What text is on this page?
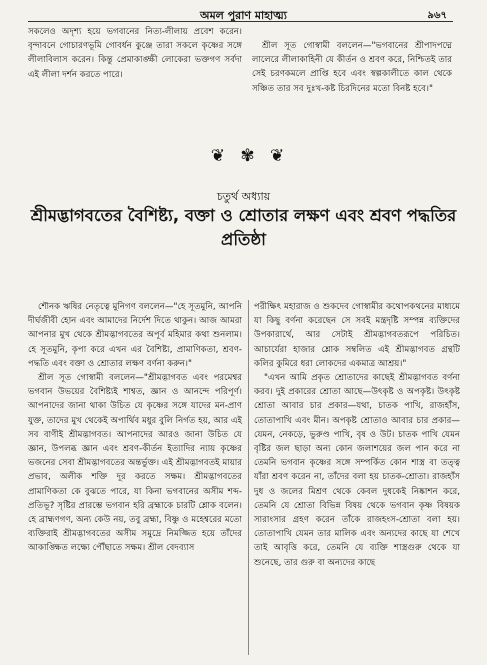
অমল পুরাণ মাহাত্ম্য	৯৬৭

সকলেও অদৃশ্য হয়ে ভগবানের নিত্য-লীলায় প্রবেশ করেন। বৃন্দাবনে গোচারণভূমি গোবর্ধন কুঞ্জে তারা সকলে কৃষ্ণের সঙ্গে লীলাবিলাস করেন। কিন্তু প্রেমাকাঙ্ক্ষী লোকেরা ভক্তগণ সর্বদা এই লীলা দর্শন করতে পারে।

শ্রীল সূত গোস্বামী বললেন—"ভগবানের শ্রীপাদপদ্মে লালেরে লীলাকাহিনী যে কীর্তন ও শ্রবণ করে, নিশ্চিতই তার সেই চরণকমলে প্রাপ্তি হবে এবং স্বল্পকালীতে কাল থেকে সঞ্চিত তার সব দুঃখ-কষ্ট চিরদিনের মতো বিনষ্ট হবে।"

❦ ✾ ❦
চতুর্থ অধ্যায়
শ্রীমদ্ভাগবতের বৈশিষ্ট্য, বক্তা ও শ্রোতার লক্ষণ এবং শ্রবণ পদ্ধতির প্রতিষ্ঠা

শৌনক ঋষির নেতৃত্বে মুনিগণ বললেন—"হে সূতমুনি, আপনি দীর্ঘজীবী হোন এবং আমাদের নির্দেশ দিতে থাকুন। আজ আমরা আপনার মুখ থেকে শ্রীমদ্ভাগবতের অপূর্ব মহিমার কথা শুনলাম। হে সূতমুনি, কৃপা করে এখন এর বৈশিষ্ট্য, প্রামাণিকতা, শ্রবণ-পদ্ধতি এবং বক্তা ও শ্রোতার লক্ষণ বর্ণনা করুন।"

শ্রীল সূত গোস্বামী বললেন—"শ্রীমদ্ভাগবত এবং পরমেশ্বর ভগবান উভয়ের বৈশিষ্ট্যই শাশ্বত, জ্ঞান ও আনন্দে পরিপূর্ণ। আপনাদের জানা থাকা উচিত যে কৃষ্ণের সঙ্গে যাদের মন-প্রাণ যুক্ত, তাদের মুখ থেকেই অপার্থিব মধুর বুলি নির্গত হয়, আর এই সব বাণীই শ্রীমদ্ভাগবত। আপনাদের আরও জানা উচিত যে জ্ঞান, উপলব্ধ জ্ঞান এবং শ্রবণ-কীর্তন ইত্যাদির ন্যায় কৃষ্ণের ভজনের সেবা শ্রীমদ্ভাগবতের অন্তর্ভুক্ত। এই শ্রীমদ্ভাগবতই মায়ার প্রভাব, অলীক শক্তি দূর করতে সক্ষম। শ্রীমদ্ভাগবতের প্রামাণিকতা কে বুঝতে পারে, যা কিনা ভগবানের অসীম শব্দ-প্রতিভূ? সৃষ্টির প্রারম্ভে ভগবান হরি ব্রহ্মাকে চারটি শ্লোক বলেন। হে ব্রাহ্মণগণ, অন্য কেউ নয়, তবু ব্রহ্মা, বিষ্ণু ও মহেশ্বরের মতো ব্যক্তিরাই শ্রীমদ্ভাগবতের অসীম সমুদ্রে নিমজ্জিত হয়ে তাঁদের আকাঙ্ক্ষিত লক্ষ্যে পৌঁছাতে সক্ষম। শ্রীল বেদব্যাস

পরীক্ষিৎ মহারাজ ও শুকদেব গোস্বামীর কথোপকথনের মাধ্যমে যা কিছু বর্ণনা করেছেন সে সবই মন্ত্রদৃষ্টি সম্পন্ন ব্যক্তিদের উপকারার্থে, আর সেটাই শ্রীমদ্ভাগবতরূপে পরিচিত। আচার্যেরা হাজার শ্লোক সম্বলিত এই শ্রীমদ্ভাগবত গ্রন্থটি কলির কুমিরে ধরা লোকদের একমাত্র আশ্রয়।"

"এখন আমি প্রকৃত শ্রোতাদের কাছেই শ্রীমদ্ভাগবত বর্ণনা করব। দুই প্রকারের শ্রোতা আছে—উৎকৃষ্ট ও অপকৃষ্ট। উৎকৃষ্ট শ্রোতা আবার চার প্রকার—যথা, চাতক পাখি, রাজহাঁস, তোতাপাখি এবং মীন। অপকৃষ্ট শ্রোতাও আবার চার প্রকার—যেমন, নেকড়ে, ভুরুণ্ড পাখি, বৃষ ও উট। চাতক পাখি যেমন বৃষ্টির জল ছাড়া অন্য কোন জলাশয়ের জল পান করে না তেমনি ভগবান কৃষ্ণের সঙ্গে সম্পর্কিত কোন শাস্ত্র বা তত্ত্ব যাঁরা শ্রবণ করেন না, তাঁদের বলা হয় চাতক-শ্রোতা। রাজহাঁস দুধ ও জলের মিশ্রণ থেকে কেবল দুধকেই নিষ্কাশন করে, তেমনি যে শ্রোতা বিভিন্ন বিষয় থেকে ভগবান কৃষ্ণ বিষয়ক সারাংসার গ্রহণ করেন তাঁকে রাজহংস-শ্রোতা বলা হয়। তোতাপাখি যেমন তার মালিক এবং অন্যদের কাছে যা শেখে তাই আবৃত্তি করে, তেমনি যে ব্যক্তি শাস্ত্রগুরু থেকে যা শুনেছে, তার গুরু বা অন্যদের কাছে
